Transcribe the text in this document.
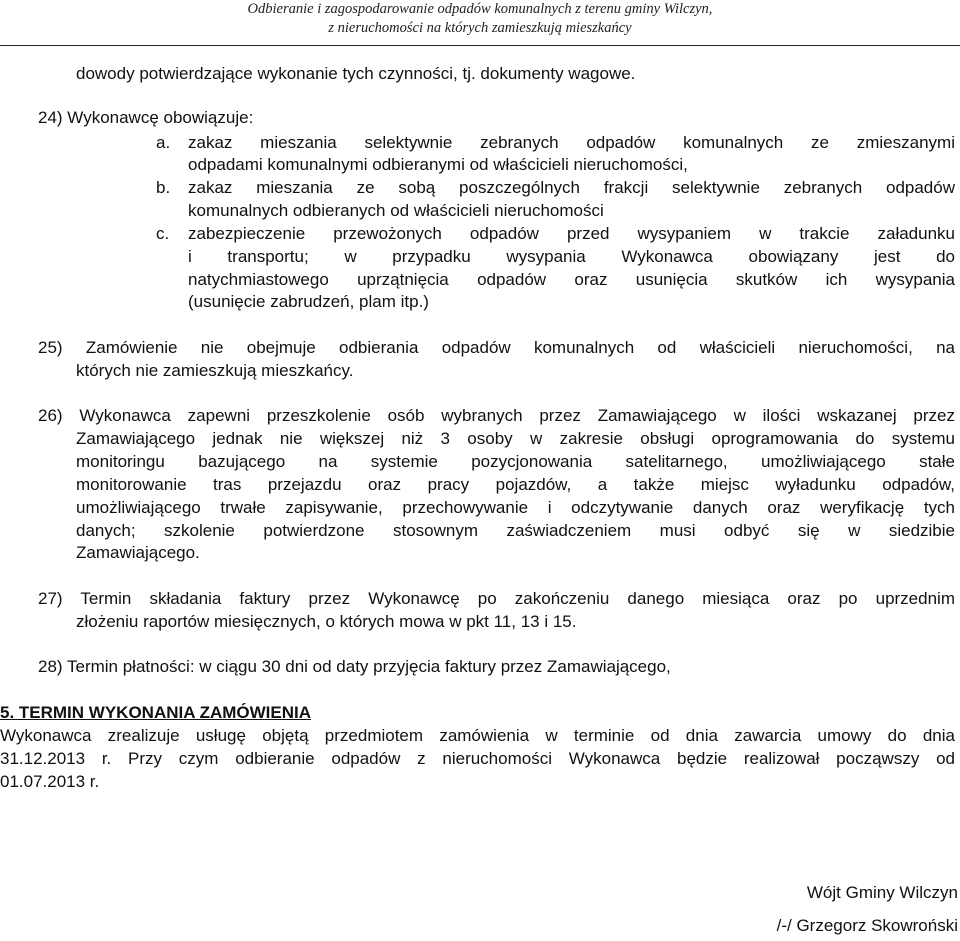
Odbieranie i zagospodarowanie odpadów komunalnych z terenu gminy Wilczyn,
z nieruchomości na których zamieszkują mieszkańcy
dowody potwierdzające wykonanie tych czynności, tj. dokumenty wagowe.
24) Wykonawcę obowiązuje:
a. zakaz mieszania selektywnie zebranych odpadów komunalnych ze zmieszanymi
odpadami komunalnymi odbieranymi od właścicieli nieruchomości,
b. zakaz mieszania ze sobą poszczególnych frakcji selektywnie zebranych odpadów
komunalnych odbieranych od właścicieli nieruchomości
c. zabezpieczenie przewożonych odpadów przed wysypaniem w trakcie załadunku
i transportu; w przypadku wysypania Wykonawca obowiązany jest do
natychmiastowego uprzątnięcia odpadów oraz usunięcia skutków ich wysypania
(usunięcie zabrudzeń, plam itp.)
25) Zamówienie nie obejmuje odbierania odpadów komunalnych od właścicieli nieruchomości, na
których nie zamieszkują mieszkańcy.
26) Wykonawca zapewni przeszkolenie osób wybranych przez Zamawiającego w ilości wskazanej przez
Zamawiającego jednak nie większej niż 3 osoby w zakresie obsługi oprogramowania do systemu
monitoringu bazującego na systemie pozycjonowania satelitarnego, umożliwiającego stałe
monitorowanie tras przejazdu oraz pracy pojazdów, a także miejsc wyładunku odpadów,
umożliwiającego trwałe zapisywanie, przechowywanie i odczytywanie danych oraz weryfikację tych
danych; szkolenie potwierdzone stosownym zaświadczeniem musi odbyć się w siedzibie
Zamawiającego.
27) Termin składania faktury przez Wykonawcę po zakończeniu danego miesiąca oraz po uprzednim
złożeniu raportów miesięcznych, o których mowa w pkt 11, 13 i 15.
28) Termin płatności: w ciągu 30 dni od daty przyjęcia faktury przez Zamawiającego,
5. TERMIN WYKONANIA ZAMÓWIENIA
Wykonawca zrealizuje usługę objętą przedmiotem zamówienia w terminie od dnia zawarcia umowy do dnia
31.12.2013 r. Przy czym odbieranie odpadów z nieruchomości Wykonawca będzie realizował począwszy od
01.07.2013 r.
Wójt Gminy Wilczyn
/-/ Grzegorz Skowroński
